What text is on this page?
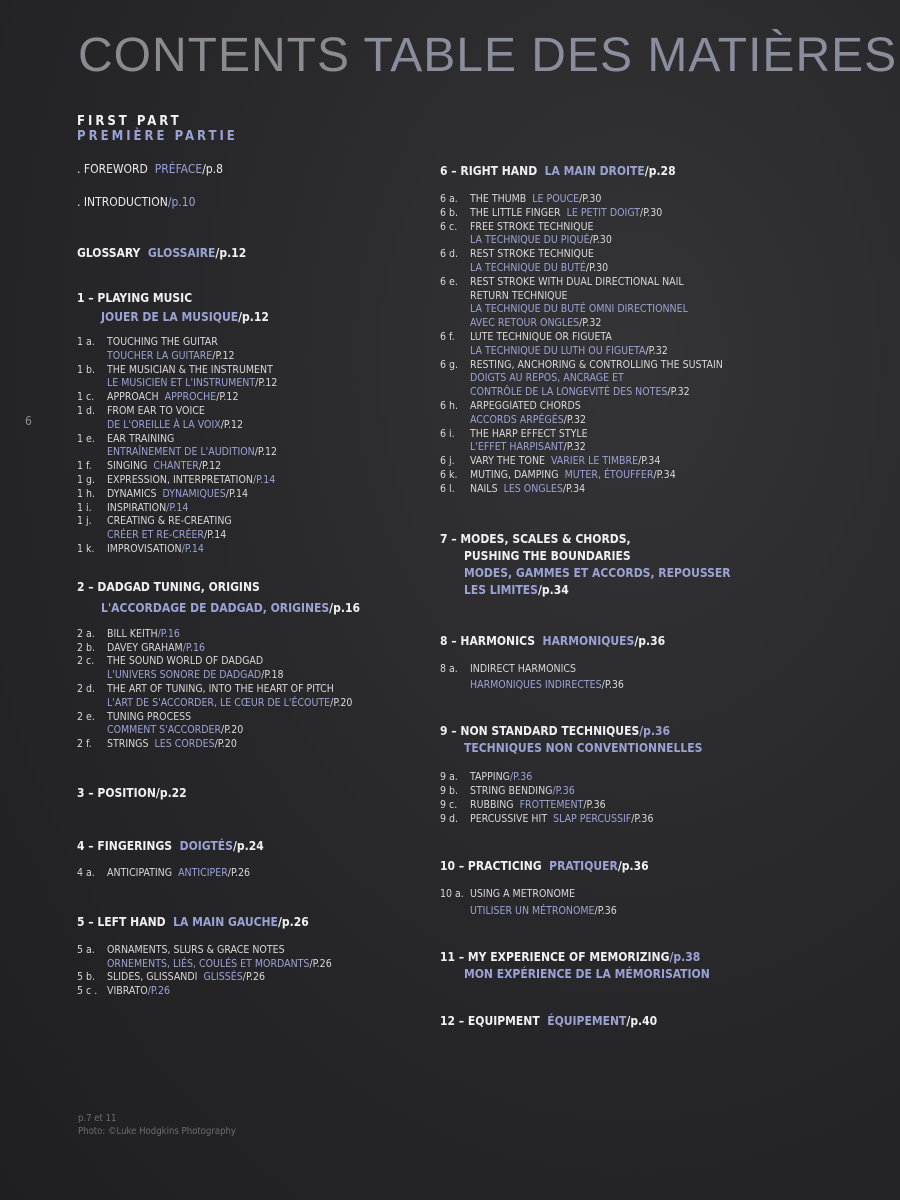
CONTENTS TABLE DES MATIÈRES
6
FIRST PART
PREMIÈRE PARTIE
. FOREWORD PRÉFACE/p.8
. INTRODUCTION/p.10
GLOSSARY GLOSSAIRE/p.12
1 – PLAYING MUSIC
JOUER DE LA MUSIQUE/p.12
1 a. TOUCHING THE GUITAR
TOUCHER LA GUITARE/P.12
1 b. THE MUSICIAN & THE INSTRUMENT
LE MUSICIEN ET L'INSTRUMENT/P.12
1 c. APPROACH APPROCHE/P.12
1 d. FROM EAR TO VOICE
DE L'OREILLE À LA VOIX/P.12
1 e. EAR TRAINING
ENTRAÎNEMENT DE L'AUDITION/P.12
1 f. SINGING CHANTER/P.12
1 g. EXPRESSION, INTERPRETATION/P.14
1 h. DYNAMICS DYNAMIQUES/P.14
1 i. INSPIRATION/P.14
1 j. CREATING & RE-CREATING
CRÉER ET RE-CRÉER/P.14
1 k. IMPROVISATION/P.14
2 – DADGAD TUNING, ORIGINS
L'ACCORDAGE DE DADGAD, ORIGINES/p.16
2 a. BILL KEITH/P.16
2 b. DAVEY GRAHAM/P.16
2 c. THE SOUND WORLD OF DADGAD
L'UNIVERS SONORE DE DADGAD/P.18
2 d. THE ART OF TUNING, INTO THE HEART OF PITCH
L'ART DE S'ACCORDER, LE CŒUR DE L'ÉCOUTE/P.20
2 e. TUNING PROCESS
COMMENT S'ACCORDER/P.20
2 f. STRINGS LES CORDES/P.20
3 – POSITION/p.22
4 – FINGERINGS DOIGTÉS/p.24
4 a. ANTICIPATING ANTICIPER/P.26
5 – LEFT HAND LA MAIN GAUCHE/p.26
5 a. ORNAMENTS, SLURS & GRACE NOTES
ORNEMENTS, LIÉS, COULÉS ET MORDANTS/P.26
5 b. SLIDES, GLISSANDI GLISSÉS/P.26
5 c . VIBRATO/P.26
6 – RIGHT HAND LA MAIN DROITE/p.28
6 a. THE THUMB LE POUCE/P.30
6 b. THE LITTLE FINGER LE PETIT DOIGT/P.30
6 c. FREE STROKE TECHNIQUE
LA TECHNIQUE DU PIQUÉ/P.30
6 d. REST STROKE TECHNIQUE
LA TECHNIQUE DU BUTÉ/P.30
6 e. REST STROKE WITH DUAL DIRECTIONAL NAIL
RETURN TECHNIQUE
LA TECHNIQUE DU BUTÉ OMNI DIRECTIONNEL
AVEC RETOUR ONGLES/P.32
6 f. LUTE TECHNIQUE OR FIGUETA
LA TECHNIQUE DU LUTH OU FIGUETA/P.32
6 g. RESTING, ANCHORING & CONTROLLING THE SUSTAIN
DOIGTS AU REPOS, ANCRAGE ET
CONTRÔLE DE LA LONGEVITÉ DES NOTES/P.32
6 h. ARPEGGIATED CHORDS
ACCORDS ARPÉGÉS/P.32
6 i. THE HARP EFFECT STYLE
L'EFFET HARPISANT/P.32
6 j. VARY THE TONE VARIER LE TIMBRE/P.34
6 k. MUTING, DAMPING MUTER, ÉTOUFFER/P.34
6 l. NAILS LES ONGLES/P.34
7 – MODES, SCALES & CHORDS,
PUSHING THE BOUNDARIES
MODES, GAMMES ET ACCORDS, REPOUSSER
LES LIMITES/p.34
8 – HARMONICS HARMONIQUES/p.36
8 a. INDIRECT HARMONICS
HARMONIQUES INDIRECTES/P.36
9 – NON STANDARD TECHNIQUES/p.36
TECHNIQUES NON CONVENTIONNELLES
9 a. TAPPING/P.36
9 b. STRING BENDING/P.36
9 c. RUBBING FROTTEMENT/P.36
9 d. PERCUSSIVE HIT SLAP PERCUSSIF/P.36
10 – PRACTICING PRATIQUER/p.36
10 a. USING A METRONOME
UTILISER UN MÉTRONOME/P.36
11 – MY EXPERIENCE OF MEMORIZING/p.38
MON EXPÉRIENCE DE LA MÉMORISATION
12 – EQUIPMENT ÉQUIPEMENT/p.40
p.7 et 11
Photo: ©Luke Hodgkins Photography
